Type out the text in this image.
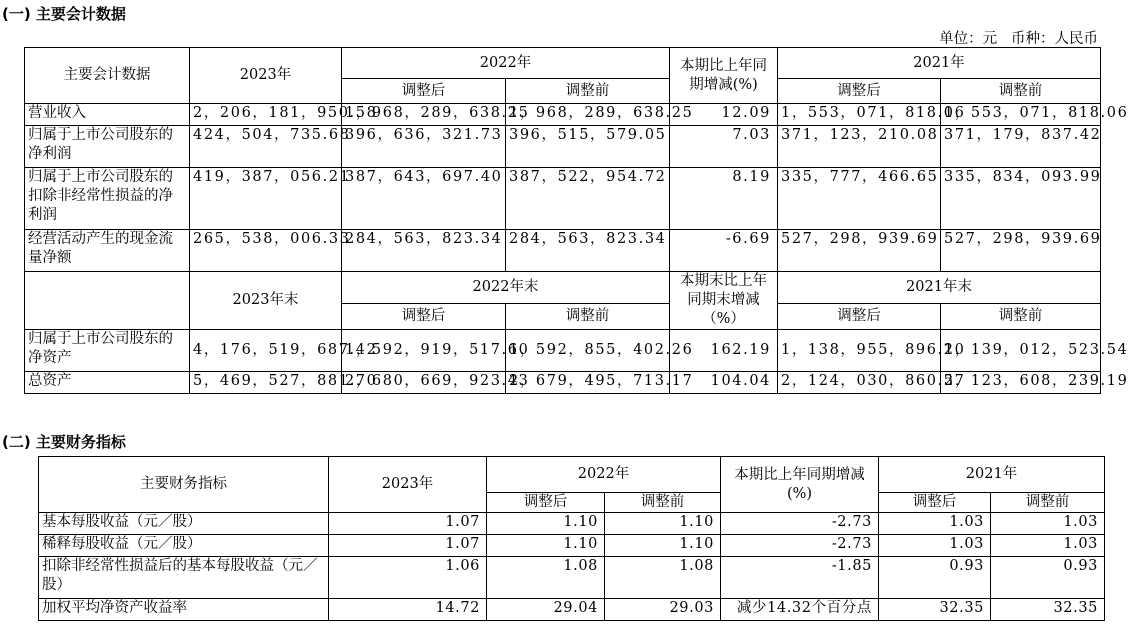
(一) 主要会计数据
单位：元   币种：人民币
主要会计数据	2023年	2022年		本期比上年同期增减(%)	2021年	
		调整后	调整前		调整后	调整前
营业收入	2，206，181，950.58	1，968，289，638.25	1，968，289，638.25	12.09	1，553，071，818.06	1，553，071，818.06
归属于上市公司股东的净利润	424，504，735.68	396，636，321.73	396，515，579.05	7.03	371，123，210.08	371，179，837.42
归属于上市公司股东的扣除非经常性损益的净利润	419，387，056.21	387，643，697.40	387，522，954.72	8.19	335，777，466.65	335，834，093.99
经营活动产生的现金流量净额	265，538，006.33	284，563，823.34	284，563，823.34	-6.69	527，298，939.69	527，298，939.69
	2023年末	2022年末		本期末比上年同期末增减（%）	2021年末	
		调整后	调整前		调整后	调整前
归属于上市公司股东的净资产	4，176，519，687.42	1，592，919，517.60	1，592，855，402.26	162.19	1，138，955，896.20	1，139，012，523.54
总资产	5，469，527，881.70	2，680，669，923.43	2，679，495，713.17	104.04	2，124，030，860.57	2，123，608，239.19
(二) 主要财务指标
主要财务指标	2023年	2022年		本期比上年同期增减(%)	2021年	
		调整后	调整前		调整后	调整前
基本每股收益（元／股）	1.07	1.10	1.10	-2.73	1.03	1.03
稀释每股收益（元／股）	1.07	1.10	1.10	-2.73	1.03	1.03
扣除非经常性损益后的基本每股收益（元／股）	1.06	1.08	1.08	-1.85	0.93	0.93
加权平均净资产收益率	14.72	29.04	29.03	减少14.32个百分点	32.35	32.35
